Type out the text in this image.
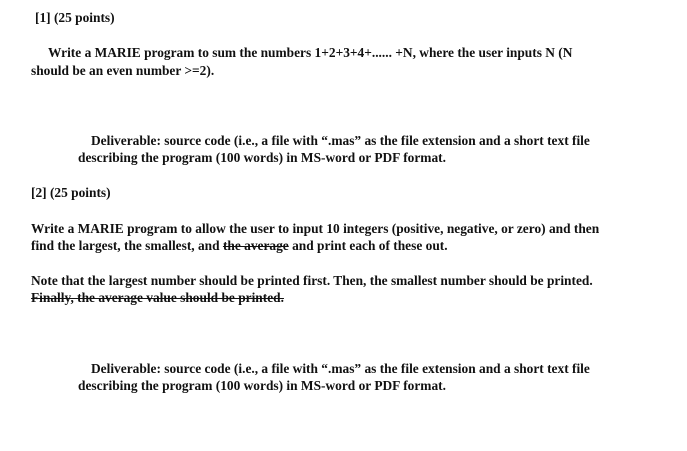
[1] (25 points)
Write a MARIE program to sum the numbers 1+2+3+4+...... +N, where the user inputs N (N
should be an even number >=2).
Deliverable: source code (i.e., a file with “.mas” as the file extension and a short text file
describing the program (100 words) in MS-word or PDF format.
[2] (25 points)
Write a MARIE program to allow the user to input 10 integers (positive, negative, or zero) and then
find the largest, the smallest, and the average and print each of these out.
Note that the largest number should be printed first. Then, the smallest number should be printed.
Finally, the average value should be printed.
Deliverable: source code (i.e., a file with “.mas” as the file extension and a short text file
describing the program (100 words) in MS-word or PDF format.
